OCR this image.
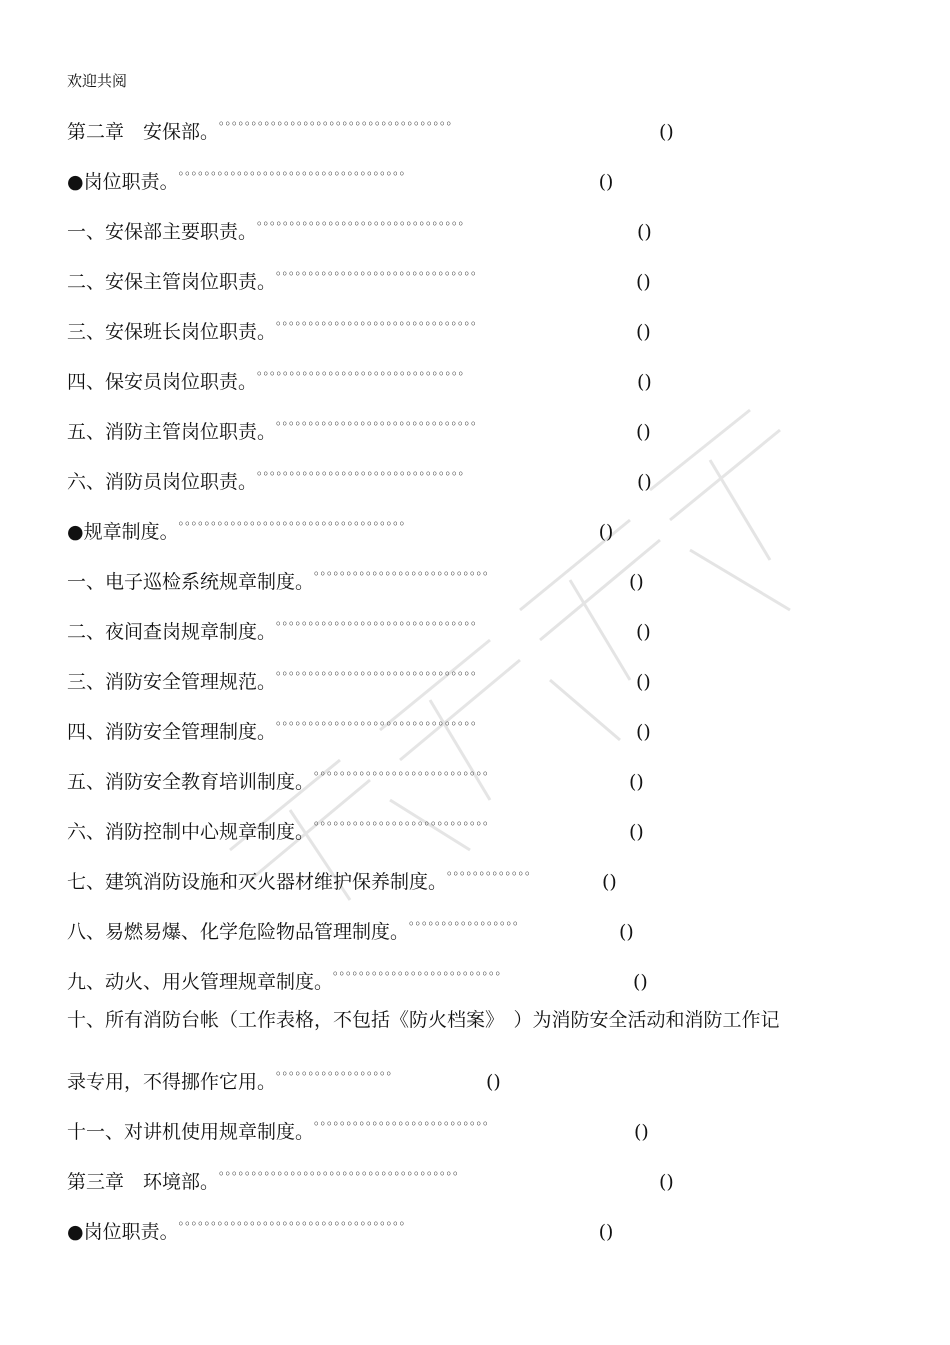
欢迎共阅
第二章　安保部。。。。。。。。。。。。。。。。。。。。。。。。。。。。。。。。。。。。。()
●岗位职责。。。。。。。。。。。。。。。。。。。。。。。。。。。。。。。。。。。。()
一、安保部主要职责。。。。。。。。。。。。。。。。。。。。。。。。。。。。。。。。。()
二、安保主管岗位职责。。。。。。。。。。。。。。。。。。。。。。。。。。。。。。。。()
三、安保班长岗位职责。。。。。。。。。。。。。。。。。。。。。。。。。。。。。。。。()
四、保安员岗位职责。。。。。。。。。。。。。。。。。。。。。。。。。。。。。。。。。()
五、消防主管岗位职责。。。。。。。。。。。。。。。。。。。。。。。。。。。。。。。。()
六、消防员岗位职责。。。。。。。。。。。。。。。。。。。。。。。。。。。。。。。。。()
●规章制度。。。。。。。。。。。。。。。。。。。。。。。。。。。。。。。。。。。。()
一、电子巡检系统规章制度。。。。。。。。。。。。。。。。。。。。。。。。。。。。()
二、夜间查岗规章制度。。。。。。。。。。。。。。。。。。。。。。。。。。。。。。。。()
三、消防安全管理规范。。。。。。。。。。。。。。。。。。。。。。。。。。。。。。。。()
四、消防安全管理制度。。。。。。。。。。。。。。。。。。。。。。。。。。。。。。。。()
五、消防安全教育培训制度。。。。。。。。。。。。。。。。。。。。。。。。。。。。()
六、消防控制中心规章制度。。。。。。。。。。。。。。。。。。。。。。。。。。。。()
七、建筑消防设施和灭火器材维护保养制度。。。。。。。。。。。。。。()
八、易燃易爆、化学危险物品管理制度。。。。。。。。。。。。。。。。。。()
九、动火、用火管理规章制度。。。。。。。。。。。。。。。。。。。。。。。。。。。()
十、所有消防台帐（工作表格，不包括《防火档案》　）为消防安全活动和消防工作记
录专用，不得挪作它用。。。。。。。。。。。。。。。。。。。()
十一、对讲机使用规章制度。。。。。。。。。。。。。。。。。。。。。。。。。。。。()
第三章　环境部。。。。。。。。。。。。。。。。。。。。。。。。。。。。。。。。。。。。。。()
●岗位职责。。。。。。。。。。。。。。。。。。。。。。。。。。。。。。。。。。。。()
